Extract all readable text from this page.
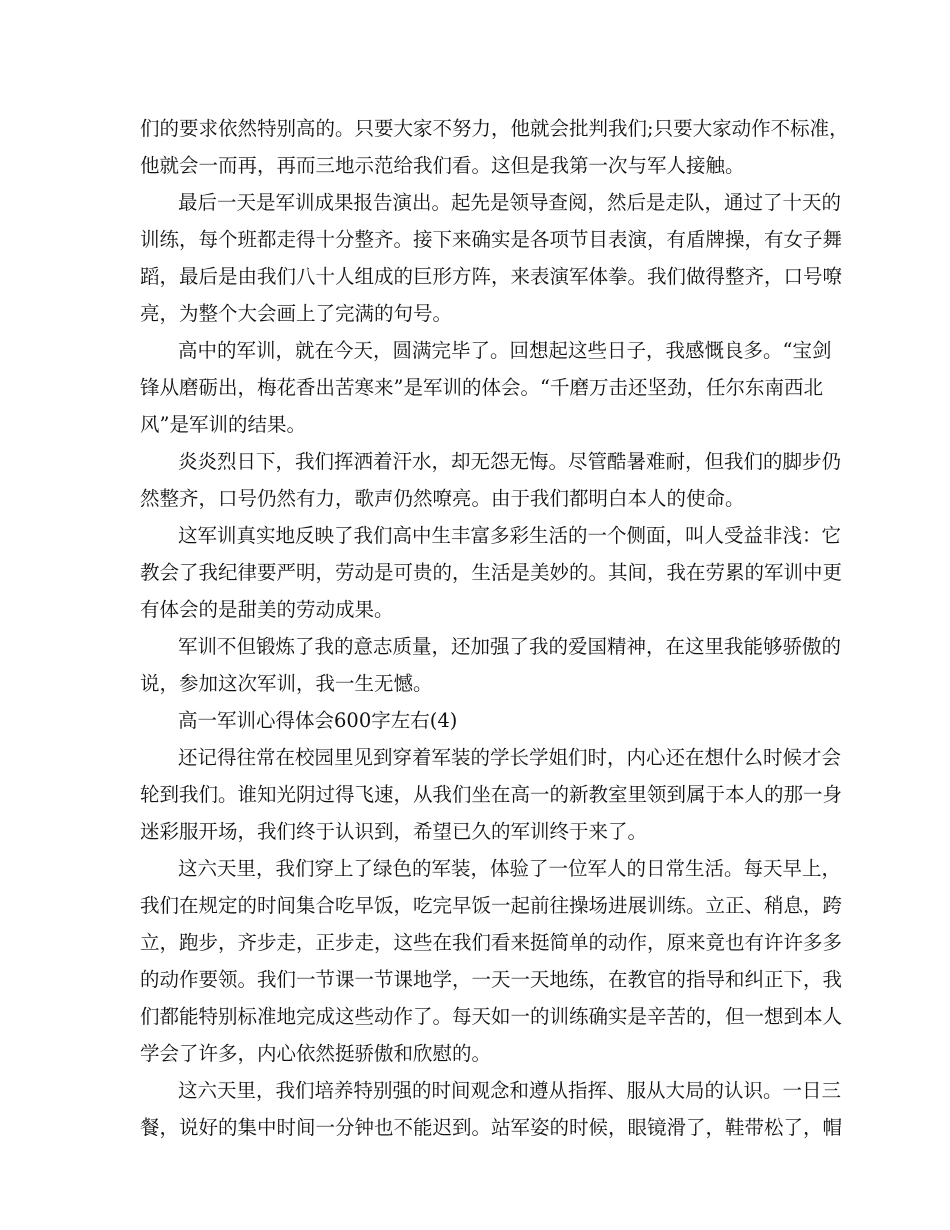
们的要求依然特别高的。只要大家不努力，他就会批判我们;只要大家动作不标准，
他就会一而再，再而三地示范给我们看。这但是我第一次与军人接触。
最后一天是军训成果报告演出。起先是领导查阅，然后是走队，通过了十天的
训练，每个班都走得十分整齐。接下来确实是各项节目表演，有盾牌操，有女子舞
蹈，最后是由我们八十人组成的巨形方阵，来表演军体拳。我们做得整齐，口号嘹
亮，为整个大会画上了完满的句号。
高中的军训，就在今天，圆满完毕了。回想起这些日子，我感慨良多。“宝剑
锋从磨砺出，梅花香出苦寒来”是军训的体会。“千磨万击还坚劲，任尔东南西北
风”是军训的结果。
炎炎烈日下，我们挥洒着汗水，却无怨无悔。尽管酷暑难耐，但我们的脚步仍
然整齐，口号仍然有力，歌声仍然嘹亮。由于我们都明白本人的使命。
这军训真实地反映了我们高中生丰富多彩生活的一个侧面，叫人受益非浅：它
教会了我纪律要严明，劳动是可贵的，生活是美妙的。其间，我在劳累的军训中更
有体会的是甜美的劳动成果。
军训不但锻炼了我的意志质量，还加强了我的爱国精神，在这里我能够骄傲的
说，参加这次军训，我一生无憾。
高一军训心得体会600字左右(4)
还记得往常在校园里见到穿着军装的学长学姐们时，内心还在想什么时候才会
轮到我们。谁知光阴过得飞速，从我们坐在高一的新教室里领到属于本人的那一身
迷彩服开场，我们终于认识到，希望已久的军训终于来了。
这六天里，我们穿上了绿色的军装，体验了一位军人的日常生活。每天早上，
我们在规定的时间集合吃早饭，吃完早饭一起前往操场进展训练。立正、稍息，跨
立，跑步，齐步走，正步走，这些在我们看来挺简单的动作，原来竟也有许许多多
的动作要领。我们一节课一节课地学，一天一天地练，在教官的指导和纠正下，我
们都能特别标准地完成这些动作了。每天如一的训练确实是辛苦的，但一想到本人
学会了许多，内心依然挺骄傲和欣慰的。
这六天里，我们培养特别强的时间观念和遵从指挥、服从大局的认识。一日三
餐，说好的集中时间一分钟也不能迟到。站军姿的时候，眼镜滑了，鞋带松了，帽
